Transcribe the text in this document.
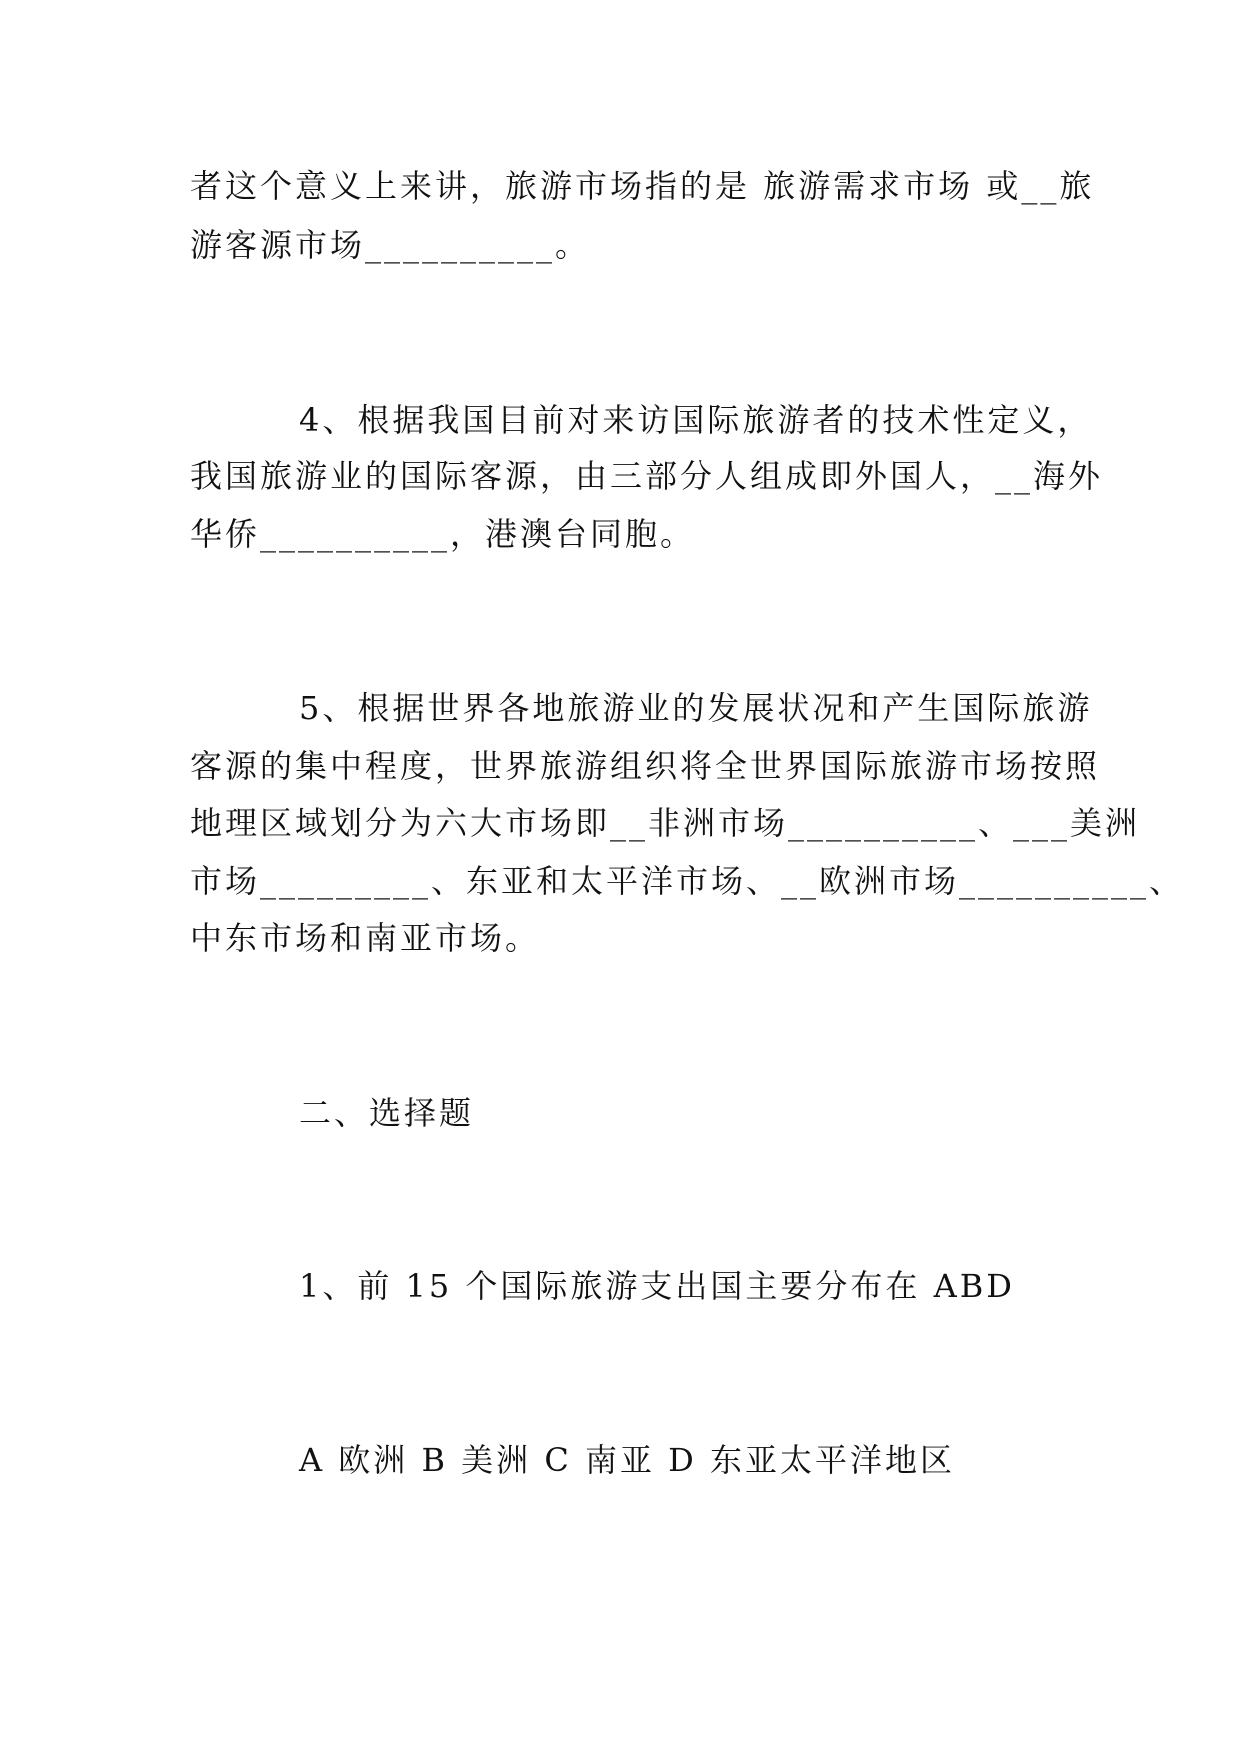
者这个意义上来讲，旅游市场指的是 旅游需求市场 或__旅
游客源市场__________。
4、根据我国目前对来访国际旅游者的技术性定义，
我国旅游业的国际客源，由三部分人组成即外国人，__海外
华侨__________，港澳台同胞。
5、根据世界各地旅游业的发展状况和产生国际旅游
客源的集中程度，世界旅游组织将全世界国际旅游市场按照
地理区域划分为六大市场即__非洲市场__________、___美洲
市场_________、东亚和太平洋市场、__欧洲市场__________、
中东市场和南亚市场。
二、选择题
1、前 15 个国际旅游支出国主要分布在 ABD
A 欧洲 B 美洲 C 南亚 D 东亚太平洋地区
